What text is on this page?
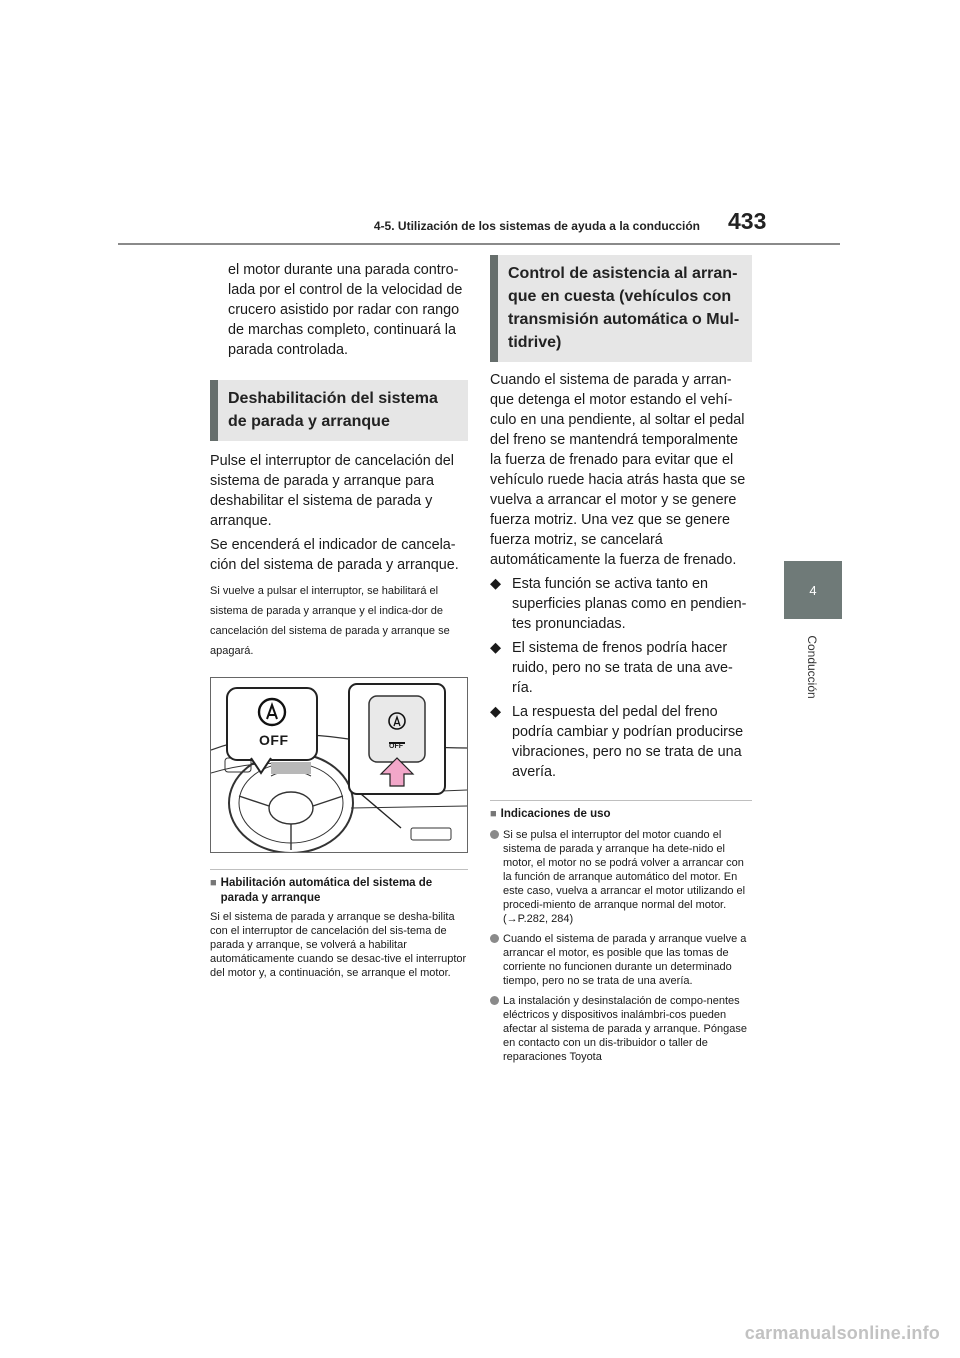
4-5. Utilización de los sistemas de ayuda a la conducción 433
4
Conducción

el motor durante una parada contro-lada por el control de la velocidad de crucero asistido por radar con rango de marchas completo, continuará la parada controlada.

Deshabilitación del sistema de parada y arranque

Pulse el interruptor de cancelación del sistema de parada y arranque para deshabilitar el sistema de parada y arranque.

Se encenderá el indicador de cancela-ción del sistema de parada y arranque.

Si vuelve a pulsar el interruptor, se habilitará el sistema de parada y arranque y el indica-dor de cancelación del sistema de parada y arranque se apagará.

OFF	OFF
■ Habilitación automática del sistema de parada y arranque

Si el sistema de parada y arranque se desha-bilita con el interruptor de cancelación del sis-tema de parada y arranque, se volverá a habilitar automáticamente cuando se desac-tive el interruptor del motor y, a continuación, se arranque el motor.

Control de asistencia al arran-que en cuesta (vehículos con transmisión automática o Mul-tidrive)

Cuando el sistema de parada y arran-que detenga el motor estando el vehí-culo en una pendiente, al soltar el pedal del freno se mantendrá temporalmente la fuerza de frenado para evitar que el vehículo ruede hacia atrás hasta que se vuelva a arrancar el motor y se genere fuerza motriz. Una vez que se genere fuerza motriz, se cancelará automáticamente la fuerza de frenado.

◆ Esta función se activa tanto en superficies planas como en pendien-tes pronunciadas.
◆ El sistema de frenos podría hacer ruido, pero no se trata de una ave-ría.
◆ La respuesta del pedal del freno podría cambiar y podrían producirse vibraciones, pero no se trata de una avería.
■ Indicaciones de uso
Si se pulsa el interruptor del motor cuando el sistema de parada y arranque ha dete-nido el motor, el motor no se podrá volver a arrancar con la función de arranque automático del motor. En este caso, vuelva a arrancar el motor utilizando el procedi-miento de arranque normal del motor. (→P.282, 284)
Cuando el sistema de parada y arranque vuelve a arrancar el motor, es posible que las tomas de corriente no funcionen durante un determinado tiempo, pero no se trata de una avería.
La instalación y desinstalación de compo-nentes eléctricos y dispositivos inalámbri-cos pueden afectar al sistema de parada y arranque. Póngase en contacto con un dis-tribuidor o taller de reparaciones Toyota
carmanualsonline.info
